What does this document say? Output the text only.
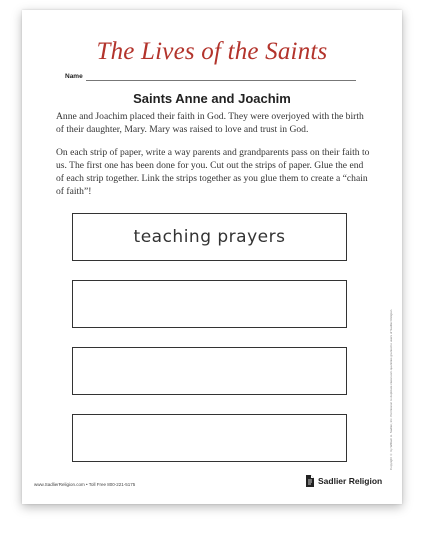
The Lives of the Saints
Name
Saints Anne and Joachim

Anne and Joachim placed their faith in God. They were overjoyed with the birth of their daughter, Mary. Mary was raised to love and trust in God.

On each strip of paper, write a way parents and grandparents pass on their faith to us. The first one has been done for you. Cut out the strips of paper. Glue the end of each strip together. Link the strips together as you glue them to create a “chain of faith”!

teaching prayers
Copyright © by William H. Sadlier, Inc. Permission to duplicate classroom quantities granted to users of Sadlier Religion.
www.SadlierReligion.com • Toll Free 800-221-5175	Sadlier Religion
